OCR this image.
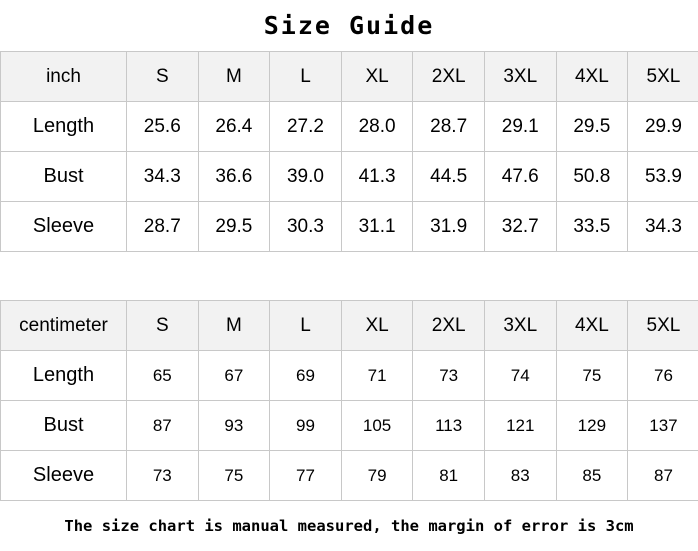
Size Guide
inch	S	M	L	XL	2XL	3XL	4XL	5XL
Length	25.6	26.4	27.2	28.0	28.7	29.1	29.5	29.9
Bust	34.3	36.6	39.0	41.3	44.5	47.6	50.8	53.9
Sleeve	28.7	29.5	30.3	31.1	31.9	32.7	33.5	34.3
centimeter	S	M	L	XL	2XL	3XL	4XL	5XL
Length	65	67	69	71	73	74	75	76
Bust	87	93	99	105	113	121	129	137
Sleeve	73	75	77	79	81	83	85	87
The size chart is manual measured, the margin of error is 3cm
